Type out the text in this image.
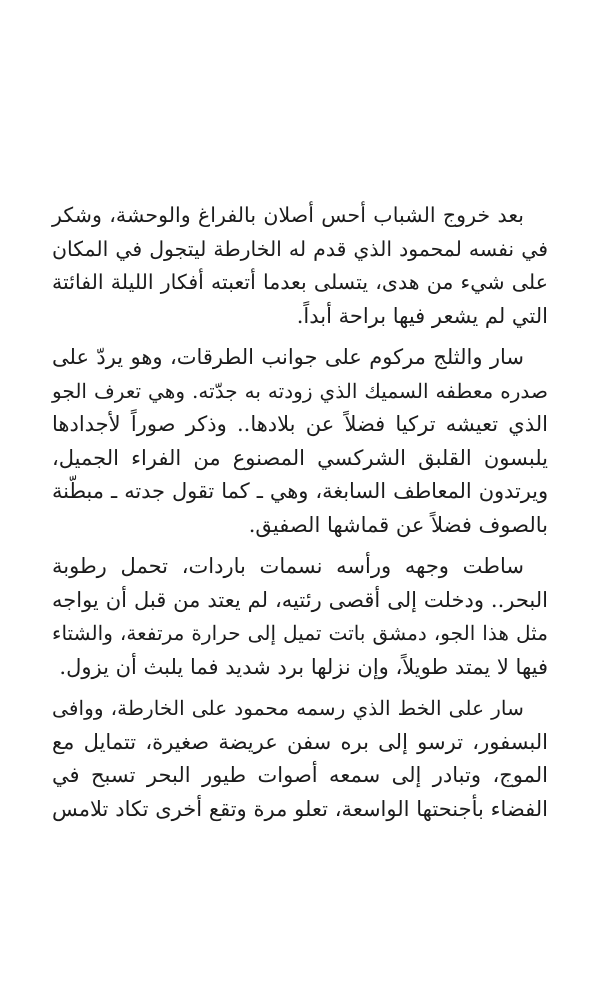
بعد خروج الشباب أحس أصلان بالفراغ والوحشة، وشكر
في نفسه لمحمود الذي قدم له الخارطة ليتجول في المكان
على شيء من هدى، يتسلى بعدما أتعبته أفكار الليلة الفائتة
التي لم يشعر فيها براحة أبداً.
سار والثلج مركوم على جوانب الطرقات، وهو يردّ على
صدره معطفه السميك الذي زودته به جدّته. وهي تعرف الجو
الذي تعيشه تركيا فضلاً عن بلادها.. وذكر صوراً لأجدادها
يلبسون القلبق الشركسي المصنوع من الفراء الجميل،
ويرتدون المعاطف السابغة، وهي ـ كما تقول جدته ـ مبطّنة
بالصوف فضلاً عن قماشها الصفيق.
ساطت وجهه ورأسه نسمات باردات، تحمل رطوبة
البحر.. ودخلت إلى أقصى رئتيه، لم يعتد من قبل أن يواجه
مثل هذا الجو، دمشق باتت تميل إلى حرارة مرتفعة، والشتاء
فيها لا يمتد طويلاً، وإن نزلها برد شديد فما يلبث أن يزول.
سار على الخط الذي رسمه محمود على الخارطة، ووافى
البسفور، ترسو إلى بره سفن عريضة صغيرة، تتمايل مع
الموج، وتبادر إلى سمعه أصوات طيور البحر تسبح في
الفضاء بأجنحتها الواسعة، تعلو مرة وتقع أخرى تكاد تلامس
